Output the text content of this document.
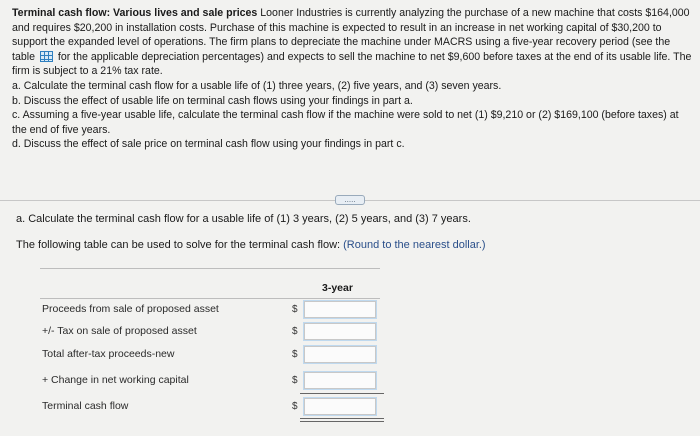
Terminal cash flow: Various lives and sale prices Looner Industries is currently analyzing the purchase of a new machine that costs $164,000 and requires $20,200 in installation costs. Purchase of this machine is expected to result in an increase in net working capital of $30,200 to support the expanded level of operations. The firm plans to depreciate the machine under MACRS using a five-year recovery period (see the table  for the applicable depreciation percentages) and expects to sell the machine to net $9,600 before taxes at the end of its usable life. The firm is subject to a 21% tax rate.

a. Calculate the terminal cash flow for a usable life of (1) three years, (2) five years, and (3) seven years.

b. Discuss the effect of usable life on terminal cash flows using your findings in part a.

c. Assuming a five-year usable life, calculate the terminal cash flow if the machine were sold to net (1) $9,210 or (2) $169,100 (before taxes) at the end of five years.

d. Discuss the effect of sale price on terminal cash flow using your findings in part c.

.....
a. Calculate the terminal cash flow for a usable life of (1) 3 years, (2) 5 years, and (3) 7 years.
The following table can be used to solve for the terminal cash flow: (Round to the nearest dollar.)
3-year
Proceeds from sale of proposed asset	$
+/- Tax on sale of proposed asset	$
Total after-tax proceeds-new	$
+ Change in net working capital	$
Terminal cash flow	$
